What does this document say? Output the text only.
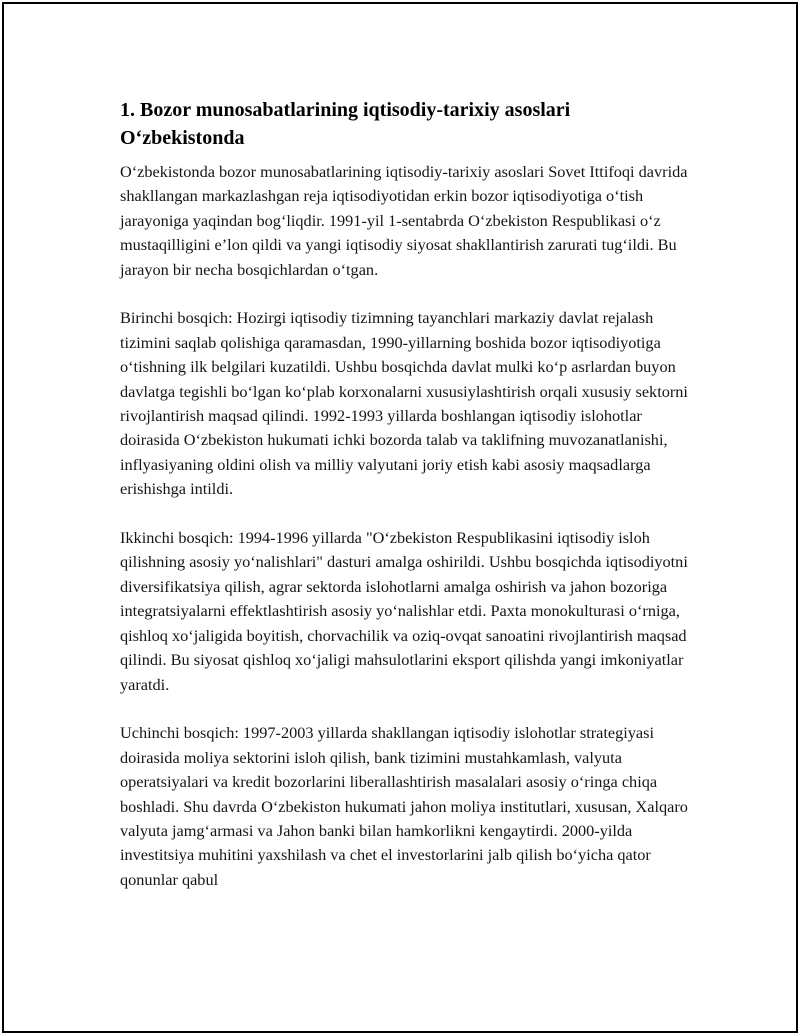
1. Bozor munosabatlarining iqtisodiy-tarixiy asoslari O‘zbekistonda

O‘zbekistonda bozor munosabatlarining iqtisodiy-tarixiy asoslari Sovet Ittifoqi davrida shakllangan markazlashgan reja iqtisodiyotidan erkin bozor iqtisodiyotiga o‘tish jarayoniga yaqindan bog‘liqdir. 1991-yil 1-sentabrda O‘zbekiston Respublikasi o‘z mustaqilligini e’lon qildi va yangi iqtisodiy siyosat shakllantirish zarurati tug‘ildi. Bu jarayon bir necha bosqichlardan o‘tgan.

Birinchi bosqich: Hozirgi iqtisodiy tizimning tayanchlari markaziy davlat rejalash tizimini saqlab qolishiga qaramasdan, 1990-yillarning boshida bozor iqtisodiyotiga o‘tishning ilk belgilari kuzatildi. Ushbu bosqichda davlat mulki ko‘p asrlardan buyon davlatga tegishli bo‘lgan ko‘plab korxonalarni xususiylashtirish orqali xususiy sektorni rivojlantirish maqsad qilindi. 1992-1993 yillarda boshlangan iqtisodiy islohotlar doirasida O‘zbekiston hukumati ichki bozorda talab va taklifning muvozanatlanishi, inflyasiyaning oldini olish va milliy valyutani joriy etish kabi asosiy maqsadlarga erishishga intildi.

Ikkinchi bosqich: 1994-1996 yillarda "O‘zbekiston Respublikasini iqtisodiy isloh qilishning asosiy yo‘nalishlari" dasturi amalga oshirildi. Ushbu bosqichda iqtisodiyotni diversifikatsiya qilish, agrar sektorda islohotlarni amalga oshirish va jahon bozoriga integratsiyalarni effektlashtirish asosiy yo‘nalishlar etdi. Paxta monokulturasi o‘rniga, qishloq xo‘jaligida boyitish, chorvachilik va oziq-ovqat sanoatini rivojlantirish maqsad qilindi. Bu siyosat qishloq xo‘jaligi mahsulotlarini eksport qilishda yangi imkoniyatlar yaratdi.

Uchinchi bosqich: 1997-2003 yillarda shakllangan iqtisodiy islohotlar strategiyasi doirasida moliya sektorini isloh qilish, bank tizimini mustahkamlash, valyuta operatsiyalari va kredit bozorlarini liberallashtirish masalalari asosiy o‘ringa chiqa boshladi. Shu davrda O‘zbekiston hukumati jahon moliya institutlari, xususan, Xalqaro valyuta jamg‘armasi va Jahon banki bilan hamkorlikni kengaytirdi. 2000-yilda investitsiya muhitini yaxshilash va chet el investorlarini jalb qilish bo‘yicha qator qonunlar qabul
